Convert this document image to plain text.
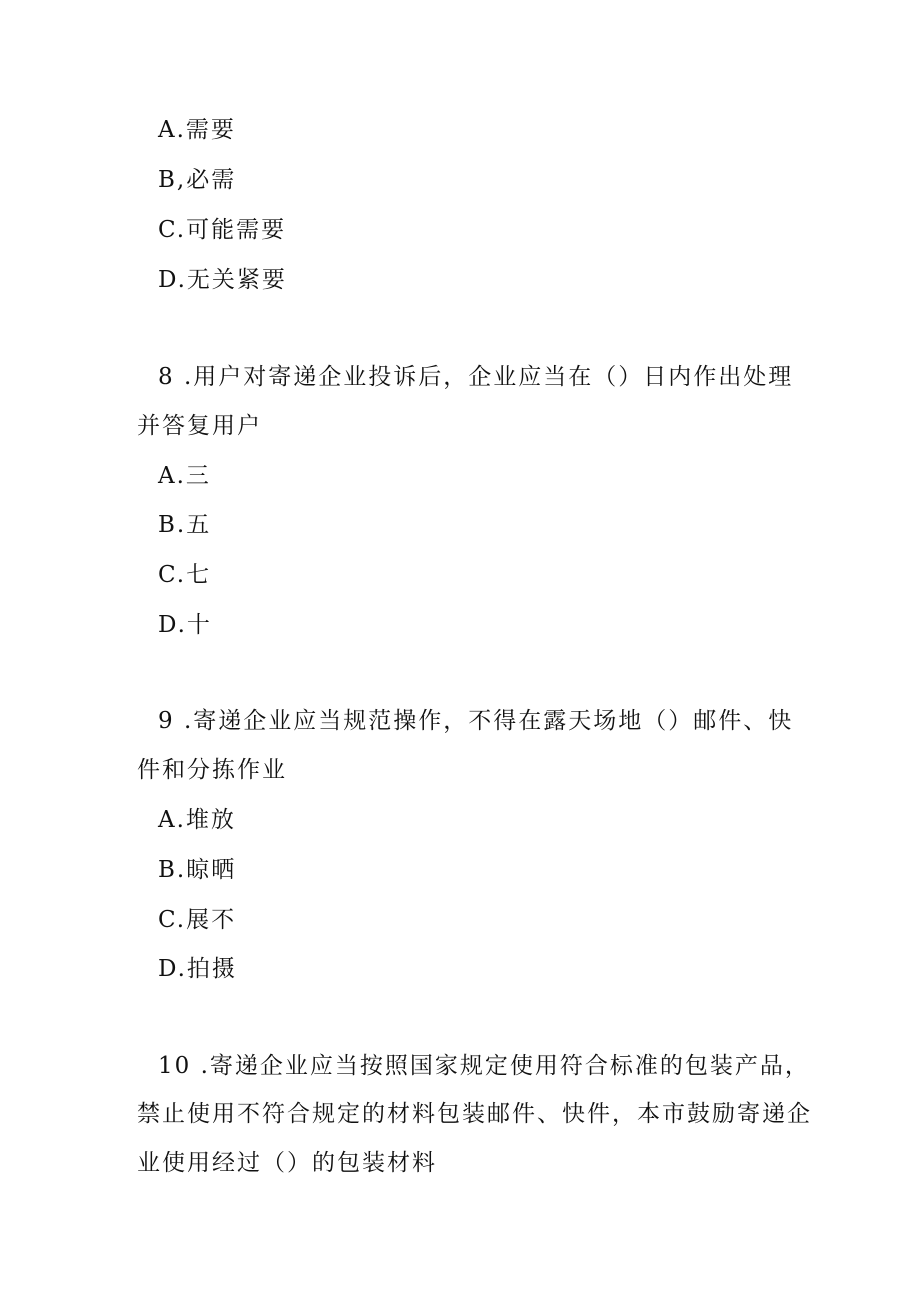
A.需要
B,必需
C.可能需要
D.无关紧要
8 .用户对寄递企业投诉后，企业应当在（）日内作出处理
并答复用户
A.三
B.五
C.七
D.十
9 .寄递企业应当规范操作，不得在露天场地（）邮件、快
件和分拣作业
A.堆放
B.晾晒
C.展不
D.拍摄
10 .寄递企业应当按照国家规定使用符合标准的包装产品，
禁止使用不符合规定的材料包装邮件、快件，本市鼓励寄递企
业使用经过（）的包装材料
